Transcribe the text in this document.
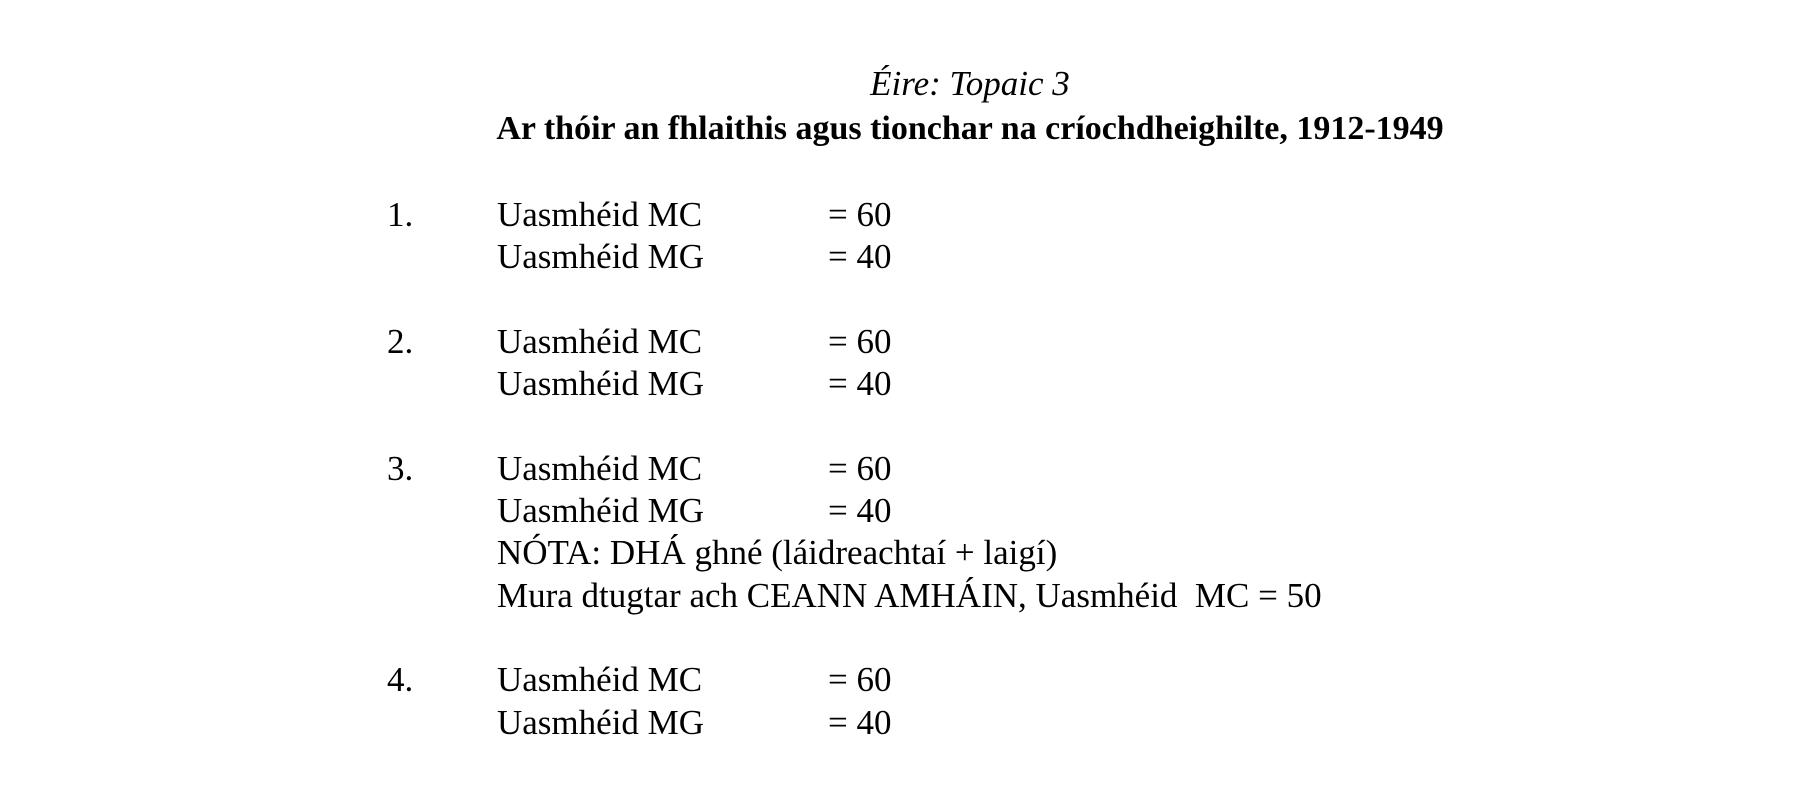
Éire: Topaic 3
Ar thóir an fhlaithis agus tionchar na críochdheighilte, 1912-1949
1. Uasmhéid MC	= 60
Uasmhéid MG	= 40
2. Uasmhéid MC	= 60
Uasmhéid MG	= 40
3. Uasmhéid MC	= 60
Uasmhéid MG	= 40
NÓTA: DHÁ ghné (láidreachtaí + laigí)
Mura dtugtar ach CEANN AMHÁIN, Uasmhéid  MC = 50
4. Uasmhéid MC	= 60
Uasmhéid MG	= 40
